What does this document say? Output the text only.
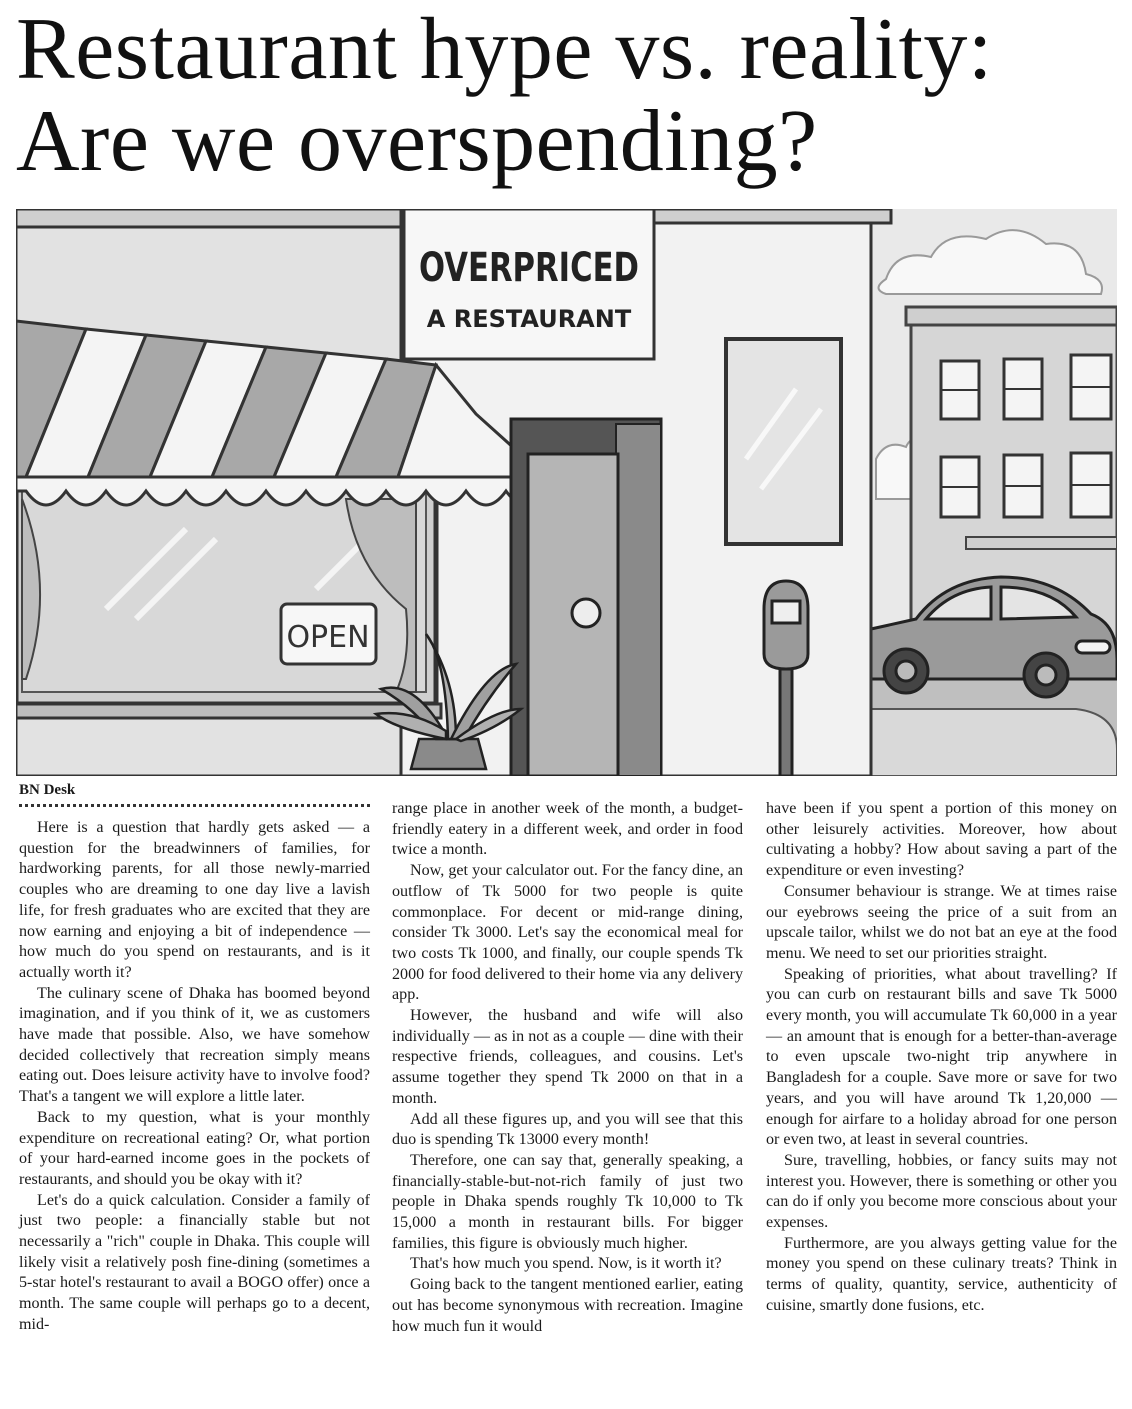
Restaurant hype vs. reality:
Are we overspending?
OPEN
OVERPRICED
A RESTAURANT
BN Desk

Here is a question that hardly gets asked — a question for the breadwinners of families, for hardworking parents, for all those newly-married couples who are dreaming to one day live a lavish life, for fresh graduates who are excited that they are now earning and enjoying a bit of independence — how much do you spend on restaurants, and is it actually worth it?

The culinary scene of Dhaka has boomed beyond imagination, and if you think of it, we as customers have made that possible. Also, we have somehow decided collectively that recreation simply means eating out. Does leisure activity have to involve food? That's a tangent we will explore a little later.

Back to my question, what is your monthly expenditure on recreational eating? Or, what portion of your hard-earned income goes in the pockets of restaurants, and should you be okay with it?

Let's do a quick calculation. Consider a family of just two people: a financially stable but not necessarily a "rich" couple in Dhaka. This couple will likely visit a relatively posh fine-dining (sometimes a 5-star hotel's restaurant to avail a BOGO offer) once a month. The same couple will perhaps go to a decent, mid-

range place in another week of the month, a budget-friendly eatery in a different week, and order in food twice a month.

Now, get your calculator out. For the fancy dine, an outflow of Tk 5000 for two people is quite commonplace. For decent or mid-range dining, consider Tk 3000. Let's say the economical meal for two costs Tk 1000, and finally, our couple spends Tk 2000 for food delivered to their home via any delivery app.

However, the husband and wife will also individually — as in not as a couple — dine with their respective friends, colleagues, and cousins. Let's assume together they spend Tk 2000 on that in a month.

Add all these figures up, and you will see that this duo is spending Tk 13000 every month!

Therefore, one can say that, generally speaking, a financially-stable-but-not-rich family of just two people in Dhaka spends roughly Tk 10,000 to Tk 15,000 a month in restaurant bills. For bigger families, this figure is obviously much higher.

That's how much you spend. Now, is it worth it?

Going back to the tangent mentioned earlier, eating out has become synonymous with recreation. Imagine how much fun it would

have been if you spent a portion of this money on other leisurely activities. Moreover, how about cultivating a hobby? How about saving a part of the expenditure or even investing?

Consumer behaviour is strange. We at times raise our eyebrows seeing the price of a suit from an upscale tailor, whilst we do not bat an eye at the food menu. We need to set our priorities straight.

Speaking of priorities, what about travelling? If you can curb on restaurant bills and save Tk 5000 every month, you will accumulate Tk 60,000 in a year — an amount that is enough for a better-than-average to even upscale two-night trip anywhere in Bangladesh for a couple. Save more or save for two years, and you will have around Tk 1,20,000 — enough for airfare to a holiday abroad for one person or even two, at least in several countries.

Sure, travelling, hobbies, or fancy suits may not interest you. However, there is something or other you can do if only you become more conscious about your expenses.

Furthermore, are you always getting value for the money you spend on these culinary treats? Think in terms of quality, quantity, service, authenticity of cuisine, smartly done fusions, etc.
